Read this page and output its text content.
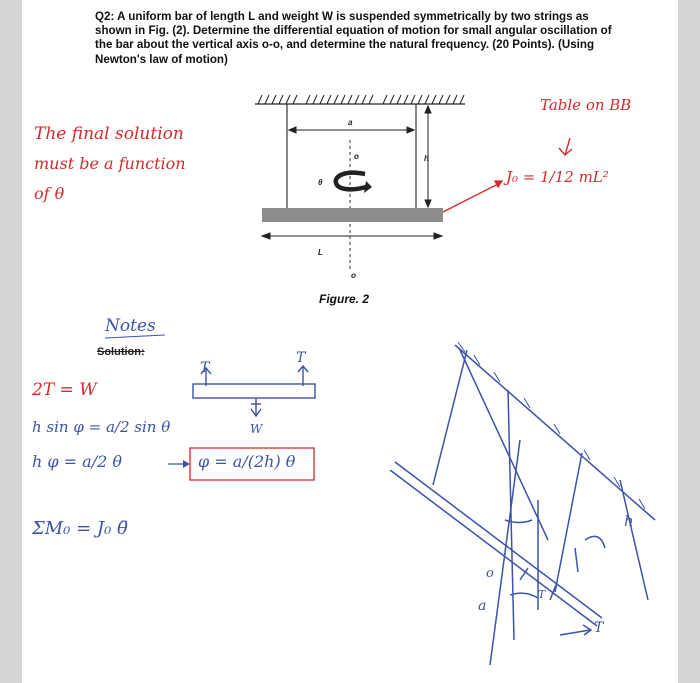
Q2: A uniform bar of length L and weight W is suspended symmetrically by two strings as shown in Fig. (2). Determine the differential equation of motion for small angular oscillation of the bar about the vertical axis o-o, and determine the natural frequency. (20 Points). (Using Newton's law of motion)
a
h
o
θ
L
o
Figure. 2
The final solution
must be a function
of θ
Table on BB
J₀ = 1/12 mL²
Notes
Solution:
T
T
W
2T = W
h sin φ = a/2 sin θ
h φ = a/2 θ	φ = a/(2h) θ
ΣM₀ = J₀ θ̈	h
a
o
T
T
